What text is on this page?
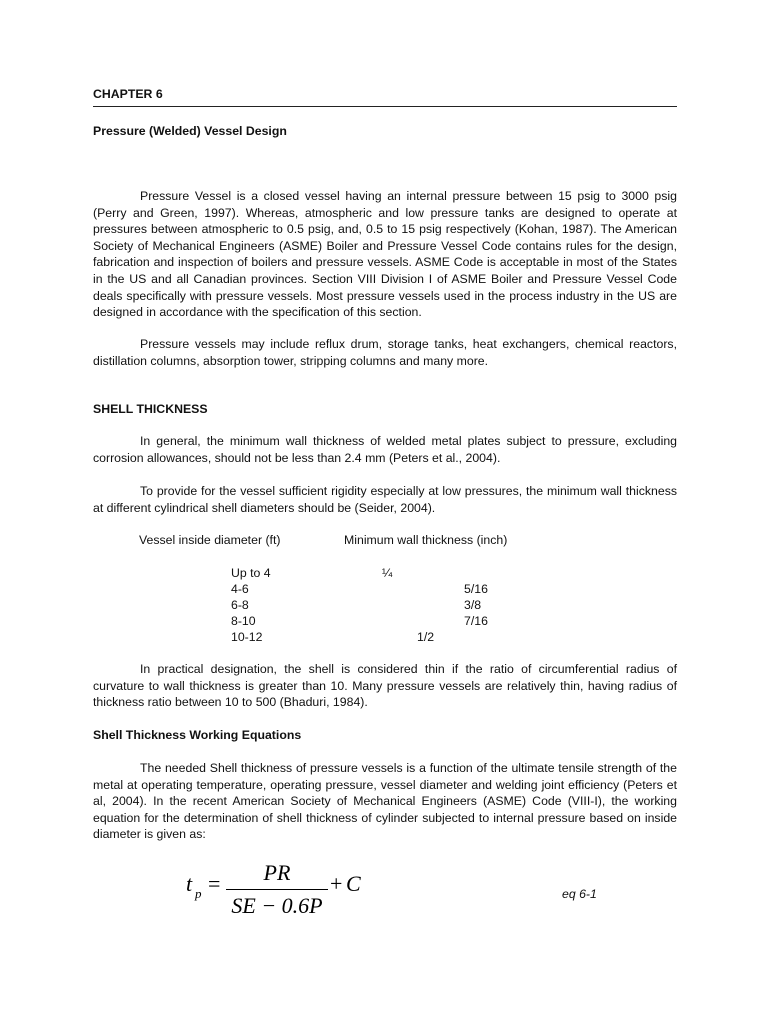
CHAPTER 6
Pressure (Welded) Vessel Design

Pressure Vessel is a closed vessel having an internal pressure between 15 psig to 3000 psig (Perry and Green, 1997). Whereas, atmospheric and low pressure tanks are designed to operate at pressures between atmospheric to 0.5 psig, and, 0.5 to 15 psig respectively (Kohan, 1987). The American Society of Mechanical Engineers (ASME) Boiler and Pressure Vessel Code contains rules for the design, fabrication and inspection of boilers and pressure vessels. ASME Code is acceptable in most of the States in the US and all Canadian provinces. Section VIII Division I of ASME Boiler and Pressure Vessel Code deals specifically with pressure vessels. Most pressure vessels used in the process industry in the US are designed in accordance with the specification of this section.

Pressure vessels may include reflux drum, storage tanks, heat exchangers, chemical reactors, distillation columns, absorption tower, stripping columns and many more.

SHELL THICKNESS

In general, the minimum wall thickness of welded metal plates subject to pressure, excluding corrosion allowances, should not be less than 2.4 mm (Peters et al., 2004).

To provide for the vessel sufficient rigidity especially at low pressures, the minimum wall thickness at different cylindrical shell diameters should be (Seider, 2004).

Vessel inside diameter (ft)	Minimum wall thickness (inch)
Up to 4	¼
4-6	5/16
6-8	3/8
8-10	7/16
10-12	1/2

In practical designation, the shell is considered thin if the ratio of circumferential radius of curvature to wall thickness is greater than 10. Many pressure vessels are relatively thin, having radius of thickness ratio between 10 to 500 (Bhaduri, 1984).

Shell Thickness Working Equations

The needed Shell thickness of pressure vessels is a function of the ultimate tensile strength of the metal at operating temperature, operating pressure, vessel diameter and welding joint efficiency (Peters et al, 2004). In the recent American Society of Mechanical Engineers (ASME) Code (VIII-I), the working equation for the determination of shell thickness of cylinder subjected to internal pressure based on inside diameter is given as:

eq 6-1
t p =	PR
SE − 0.6P
+ C
